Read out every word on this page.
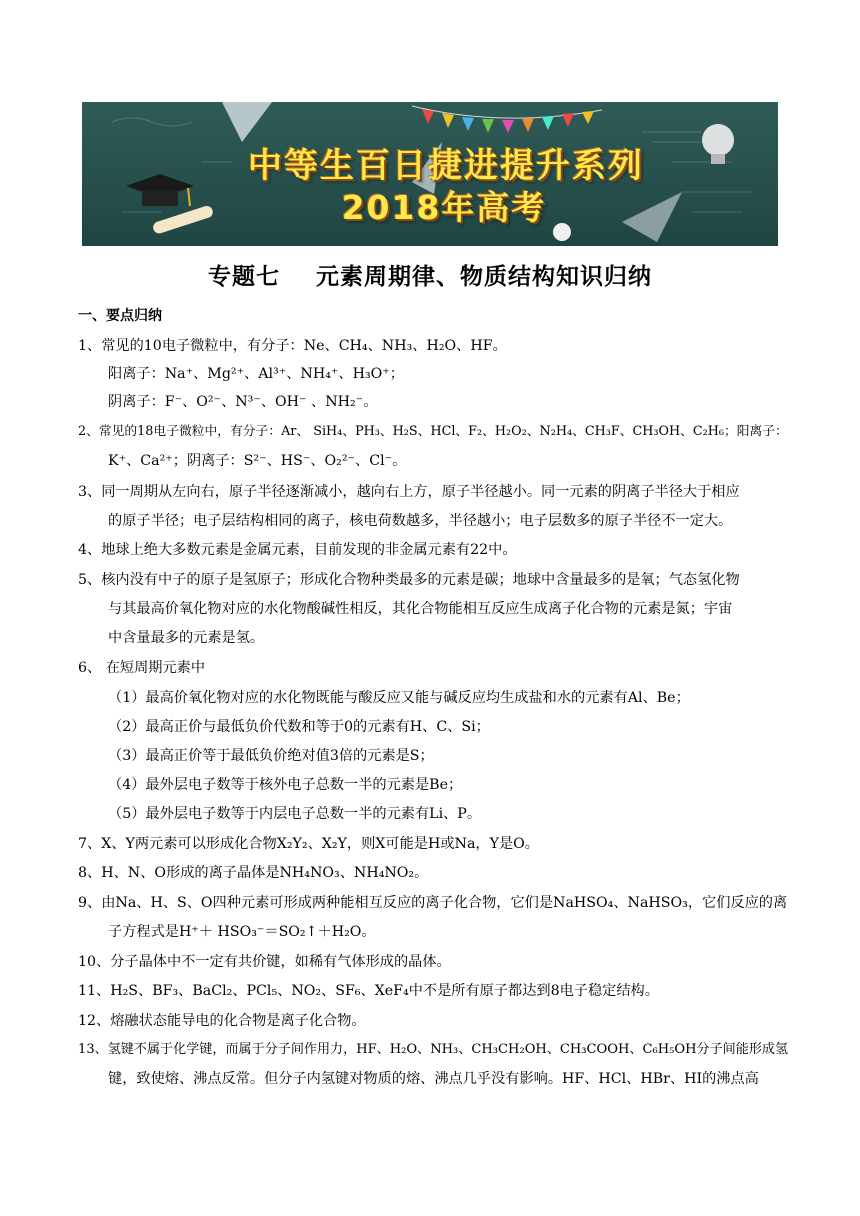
中等生百日捷进提升系列
2018年高考
专题七    元素周期律、物质结构知识归纳
一、要点归纳
1、常见的10电子微粒中，有分子：Ne、CH₄、NH₃、H₂O、HF。
阳离子：Na⁺、Mg²⁺、Al³⁺、NH₄⁺、H₃O⁺；
阴离子：F⁻、O²⁻、N³⁻、OH⁻ 、NH₂⁻。
2、常见的18电子微粒中，有分子：Ar、 SiH₄、PH₃、H₂S、HCl、F₂、H₂O₂、N₂H₄、CH₃F、CH₃OH、C₂H₆；阳离子：
K⁺、Ca²⁺；阴离子：S²⁻、HS⁻、O₂²⁻、Cl⁻。
3、同一周期从左向右，原子半径逐渐减小，越向右上方，原子半径越小。同一元素的阴离子半径大于相应
的原子半径；电子层结构相同的离子，核电荷数越多，半径越小；电子层数多的原子半径不一定大。
4、地球上绝大多数元素是金属元素，目前发现的非金属元素有22中。
5、核内没有中子的原子是氢原子；形成化合物种类最多的元素是碳；地球中含量最多的是氧；气态氢化物
与其最高价氧化物对应的水化物酸碱性相反，其化合物能相互反应生成离子化合物的元素是氮；宇宙
中含量最多的元素是氢。
6、 在短周期元素中
（1）最高价氧化物对应的水化物既能与酸反应又能与碱反应均生成盐和水的元素有Al、Be；
（2）最高正价与最低负价代数和等于0的元素有H、C、Si；
（3）最高正价等于最低负价绝对值3倍的元素是S；
（4）最外层电子数等于核外电子总数一半的元素是Be；
（5）最外层电子数等于内层电子总数一半的元素有Li、P。
7、X、Y两元素可以形成化合物X₂Y₂、X₂Y，则X可能是H或Na，Y是O。
8、H、N、O形成的离子晶体是NH₄NO₃、NH₄NO₂。
9、由Na、H、S、O四种元素可形成两种能相互反应的离子化合物，它们是NaHSO₄、NaHSO₃，它们反应的离
子方程式是H⁺＋ HSO₃⁻＝SO₂↑＋H₂O。
10、分子晶体中不一定有共价键，如稀有气体形成的晶体。
11、H₂S、BF₃、BaCl₂、PCl₅、NO₂、SF₆、XeF₄中不是所有原子都达到8电子稳定结构。
12、熔融状态能导电的化合物是离子化合物。
13、氢键不属于化学键，而属于分子间作用力，HF、H₂O、NH₃、CH₃CH₂OH、CH₃COOH、C₆H₅OH分子间能形成氢
键，致使熔、沸点反常。但分子内氢键对物质的熔、沸点几乎没有影响。HF、HCl、HBr、HI的沸点高
